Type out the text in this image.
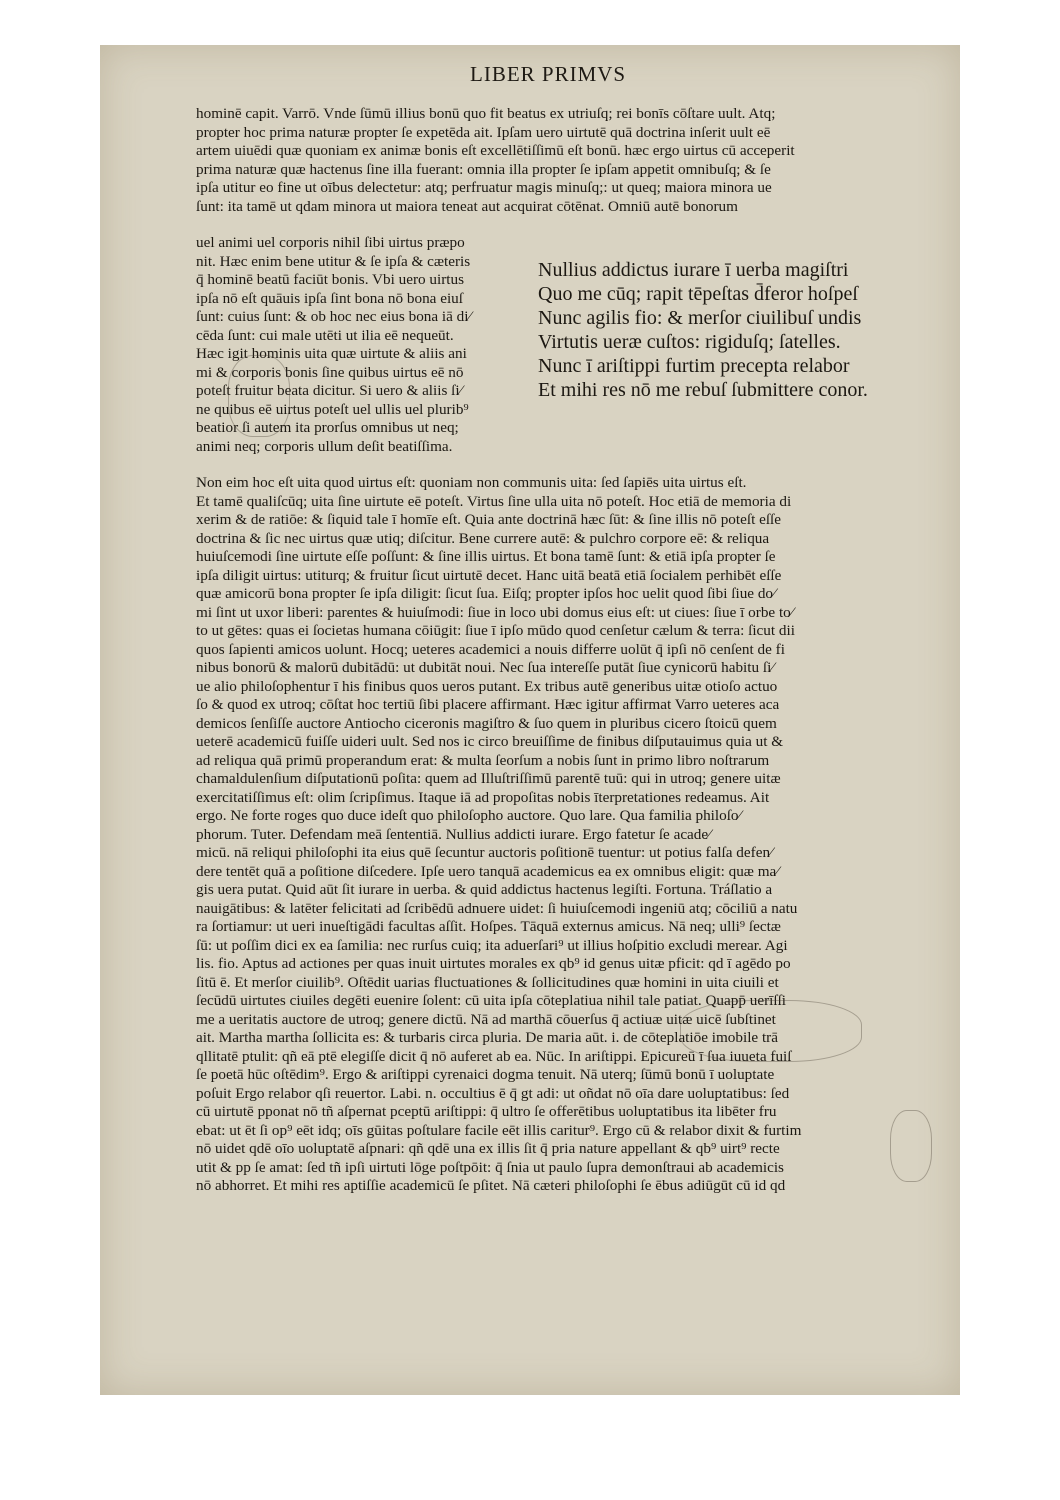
LIBER PRIMVS

hominē capit. Varrō. Vnde ſūmū illius bonū quo fit beatus ex utriuſq; rei bonīs cōſtare uult. Atq;

propter hoc prima naturæ propter ſe expetēda ait. Ipſam uero uirtutē quā doctrina inſerit uult eē

artem uiuēdi quæ quoniam ex animæ bonis eſt excellētiſſimū eſt bonū. hæc ergo uirtus cū acceperit

prima naturæ quæ hactenus ſine illa fuerant: omnia illa propter ſe ipſam appetit omnibuſq; & ſe

ipſa utitur eo fine ut oībus delectetur: atq; perfruatur magis minuſq;: ut queq; maiora minora ue

ſunt: ita tamē ut qdam minora ut maiora teneat aut acquirat cōtēnat. Omniū autē bonorum

uel animi uel corporis nihil ſibi uirtus præpo

nit. Hæc enim bene utitur & ſe ipſa & cæteris

q̄ hominē beatū faciūt bonis. Vbi uero uirtus

ipſa nō eſt quāuis ipſa ſint bona nō bona eiuſ

ſunt: cuius ſunt: & ob hoc nec eius bona iā di⁄

cēda ſunt: cui male utēti ut ilia eē nequeūt.

Hæc igit hominis uita quæ uirtute & aliis ani

mi & corporis bonis ſine quibus uirtus eē nō

poteſt fruitur beata dicitur. Si uero & aliis ſi⁄

ne quibus eē uirtus poteſt uel ullis uel plurib⁹

beatior ſi autem ita prorſus omnibus ut neq;

animi neq; corporis ullum deſit beatiſſima.

Nullius addictus iurare ī uerba magiſtri

Quo me cūq; rapit tēpeſtas d̄feror hoſpeſ

Nunc agilis fio: & merſor ciuilibuſ undis

Virtutis ueræ cuſtos: rigiduſq; ſatelles.

Nunc ī ariſtippi furtim precepta relabor

Et mihi res nō me rebuſ ſubmittere conor.

Non eim hoc eſt uita quod uirtus eſt: quoniam non communis uita: ſed ſapiēs uita uirtus eſt.

Et tamē qualiſcūq; uita ſine uirtute eē poteſt. Virtus ſine ulla uita nō poteſt. Hoc etiā de memoria di

xerim & de ratiōe: & ſiquid tale ī homīe eſt. Quia ante doctrinā hæc ſūt: & ſine illis nō poteſt eſſe

doctrina & ſic nec uirtus quæ utiq; diſcitur. Bene currere autē: & pulchro corpore eē: & reliqua

huiuſcemodi ſine uirtute eſſe poſſunt: & ſine illis uirtus. Et bona tamē ſunt: & etiā ipſa propter ſe

ipſa diligit uirtus: utiturq; & fruitur ſicut uirtutē decet. Hanc uitā beatā etiā ſocialem perhibēt eſſe

quæ amicorū bona propter ſe ipſa diligit: ſicut ſua. Eiſq; propter ipſos hoc uelit quod ſibi ſiue do⁄

mi ſint ut uxor liberi: parentes & huiuſmodi: ſiue in loco ubi domus eius eſt: ut ciues: ſiue ī orbe to⁄

to ut gētes: quas ei ſocietas humana cōiūgit: ſiue ī ipſo mūdo quod cenſetur cælum & terra: ſicut dii

quos ſapienti amicos uolunt. Hocq; ueteres academici a nouis differre uolūt q̄ ipſi nō cenſent de fi

nibus bonorū & malorū dubitādū: ut dubitāt noui. Nec ſua intereſſe putāt ſiue cynicorū habitu ſi⁄

ue alio philoſophentur ī his finibus quos ueros putant. Ex tribus autē generibus uitæ otioſo actuo

ſo & quod ex utroq; cōſtat hoc tertiū ſibi placere affirmant. Hæc igitur affirmat Varro ueteres aca

demicos ſenſiſſe auctore Antiocho ciceronis magiſtro & ſuo quem in pluribus cicero ſtoicū quem

ueterē academicū fuiſſe uideri uult. Sed nos ic circo breuiſſime de finibus diſputauimus quia ut &

ad reliqua quā primū properandum erat: & multa ſeorſum a nobis ſunt in primo libro noſtrarum

chamaldulenſium diſputationū poſita: quem ad Illuſtriſſimū parentē tuū: qui in utroq; genere uitæ

exercitatiſſimus eſt: olim ſcripſimus. Itaque iā ad propoſitas nobis īterpretationes redeamus. Ait

ergo. Ne forte roges quo duce ideſt quo philoſopho auctore. Quo lare. Qua familia philoſo⁄

phorum. Tuter. Defendam meā ſententiā. Nullius addicti iurare. Ergo fatetur ſe acade⁄

micū. nā reliqui philoſophi ita eius quē ſecuntur auctoris poſitionē tuentur: ut potius falſa defen⁄

dere tentēt quā a poſitione diſcedere. Ipſe uero tanquā academicus ea ex omnibus eligit: quæ ma⁄

gis uera putat. Quid aūt ſit iurare in uerba. & quid addictus hactenus legiſti. Fortuna. Tráſlatio a

nauigātibus: & latēter felicitati ad ſcribēdū adnuere uidet: ſi huiuſcemodi ingeniū atq; cōciliū a natu

ra ſortiamur: ut ueri inueſtigādi facultas aſſit. Hoſpes. Tāquā externus amicus. Nā neq; ulli⁹ ſectæ

ſū: ut poſſim dici ex ea ſamilia: nec rurſus cuiq; ita aduerſari⁹ ut illius hoſpitio excludi merear. Agi

lis. fio. Aptus ad actiones per quas inuit uirtutes morales ex qb⁹ id genus uitæ pficit: qd ī agēdo po

ſitū ē. Et merſor ciuilib⁹. Oſtēdit uarias fluctuationes & ſollicitudines quæ homini in uita ciuili et

ſecūdū uirtutes ciuiles degēti euenire ſolent: cū uita ipſa cōteplatiua nihil tale patiat. Quapp̄ uerīſſi

me a ueritatis auctore de utroq; genere dictū. Nā ad marthā cōuerſus q̄ actiuæ uitæ uicē ſubſtinet

ait. Martha martha ſollicita es: & turbaris circa pluria. De maria aūt. i. de cōteplatiōe imobile trā

qllitatē ptulit: qñ eā ptē elegiſſe dicit q̄ nō auferet ab ea. Nūc. In ariſtippi. Epicureū ī ſua iuueta fuiſ

ſe poetā hūc oſtēdim⁹. Ergo & ariſtippi cyrenaici dogma tenuit. Nā uterq; ſūmū bonū ī uoluptate

poſuit Ergo relabor qſi reuertor. Labi. n. occultius ē q̄ gt adi: ut oñdat nō oīa dare uoluptatibus: ſed

cū uirtutē pponat nō tñ aſpernat pceptū ariſtippi: q̄ ultro ſe offerētibus uoluptatibus ita libēter fru

ebat: ut ēt ſi op⁹ eēt idq; oīs gūitas poſtulare facile eēt illis caritur⁹. Ergo cū & relabor dixit & furtim

nō uidet qdē oīo uoluptatē aſpnari: qñ qdē una ex illis ſit q̄ pria nature appellant & qb⁹ uirt⁹ recte

utit & pp ſe amat: ſed tñ ipſi uirtuti lōge poſtpōit: q̄ ſnia ut paulo ſupra demonſtraui ab academicis

nō abhorret. Et mihi res aptiſſie academicū ſe pſitet. Nā cæteri philoſophi ſe ēbus adiūgūt cū id qd
